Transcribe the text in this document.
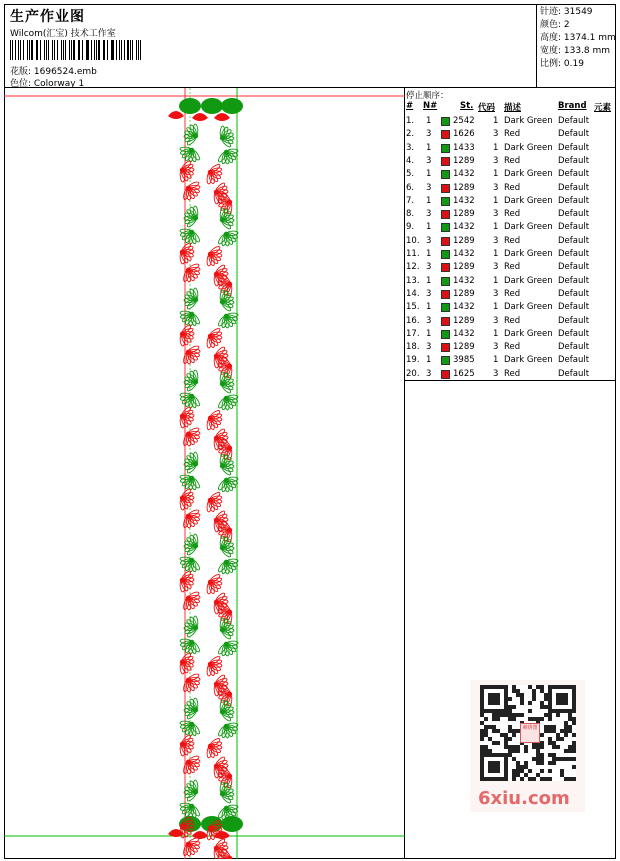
生产作业图
Wilcom(汇宝) 技术工作室
花版: 1696524.emb
色位: Colorway 1
针迹: 31549
颜色: 2
高度: 1374.1 mm
宽度: 133.8 mm
比例: 0.19
停止顺序：
# N#	St. 代码 描述	Brand 元素
1. 1	2542 1 Dark Green Default
2. 3	1626 3 Red	Default
3. 1	1433 1 Dark Green Default
4. 3	1289 3 Red	Default
5. 1	1432 1 Dark Green Default
6. 3	1289 3 Red	Default
7. 1	1432 1 Dark Green Default
8. 3	1289 3 Red	Default
9. 1	1432 1 Dark Green Default
10. 3	1289 3 Red	Default
11. 1	1432 1 Dark Green Default
12. 3	1289 3 Red	Default
13. 1	1432 1 Dark Green Default
14. 3	1289 3 Red	Default
15. 1	1432 1 Dark Green Default
16. 3	1289 3 Red	Default
17. 1	1432 1 Dark Green Default
18. 3	1289 3 Red	Default
19. 1	3985 1 Dark Green Default
20. 3	1625 3 Red	Default
刺绣图
6xiu.com
